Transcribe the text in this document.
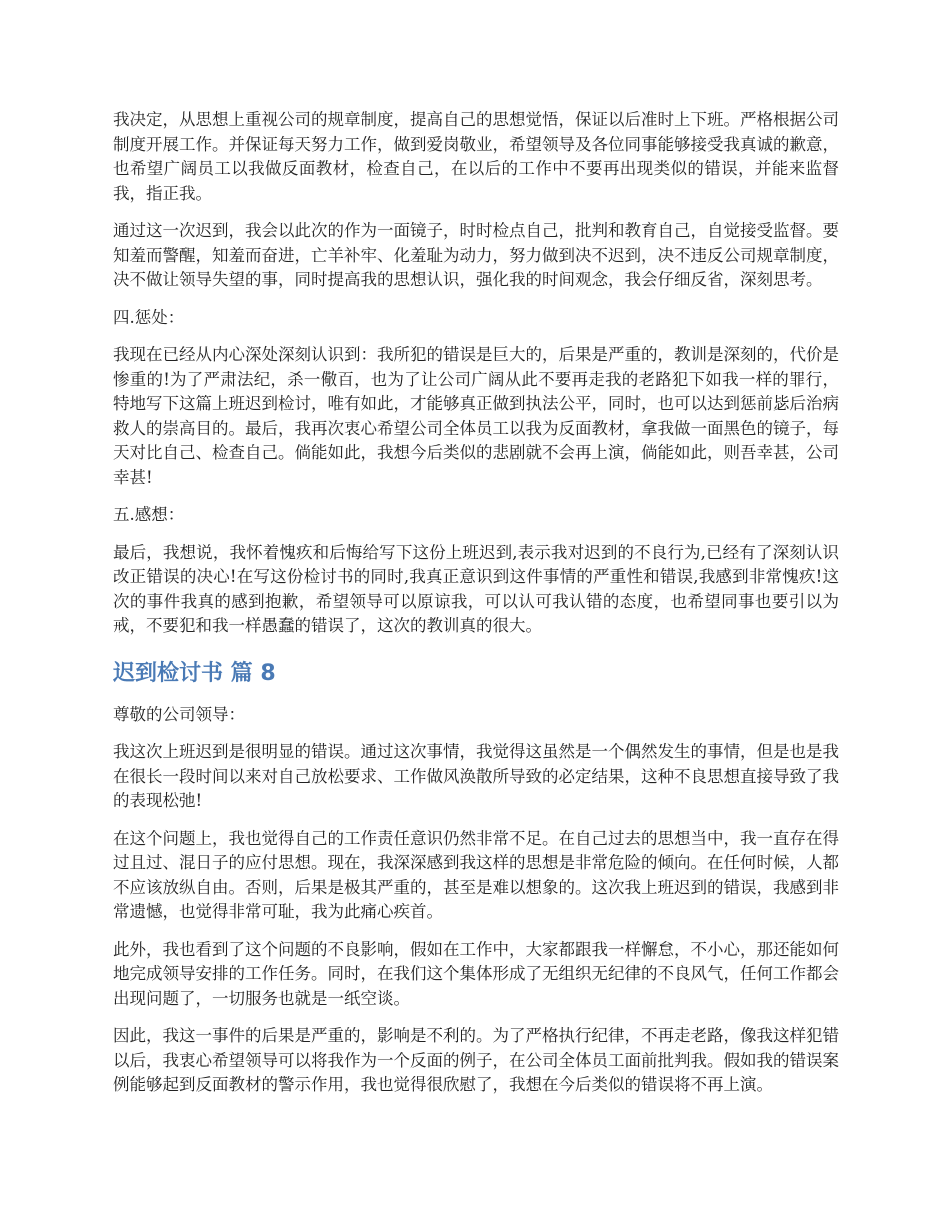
我决定，从思想上重视公司的规章制度，提高自己的思想觉悟，保证以后准时上下班。严格根据公司制度开展工作。并保证每天努力工作，做到爱岗敬业，希望领导及各位同事能够接受我真诚的歉意，也希望广阔员工以我做反面教材，检查自己，在以后的工作中不要再出现类似的错误，并能来监督我，指正我。

通过这一次迟到，我会以此次的作为一面镜子，时时检点自己，批判和教育自己，自觉接受监督。要知羞而警醒，知羞而奋进，亡羊补牢、化羞耻为动力，努力做到决不迟到，决不违反公司规章制度，决不做让领导失望的事，同时提高我的思想认识，强化我的时间观念，我会仔细反省，深刻思考。

四.惩处：

我现在已经从内心深处深刻认识到：我所犯的错误是巨大的，后果是严重的，教训是深刻的，代价是惨重的!为了严肃法纪，杀一儆百，也为了让公司广阔从此不要再走我的老路犯下如我一样的罪行，特地写下这篇上班迟到检讨，唯有如此，才能够真正做到执法公平，同时，也可以达到惩前毖后治病救人的崇高目的。最后，我再次衷心希望公司全体员工以我为反面教材，拿我做一面黑色的镜子，每天对比自己、检查自己。倘能如此，我想今后类似的悲剧就不会再上演，倘能如此，则吾幸甚，公司幸甚!

五.感想：

最后，我想说，我怀着愧疚和后悔给写下这份上班迟到,表示我对迟到的不良行为,已经有了深刻认识改正错误的决心!在写这份检讨书的同时,我真正意识到这件事情的严重性和错误,我感到非常愧疚!这次的事件我真的感到抱歉，希望领导可以原谅我，可以认可我认错的态度，也希望同事也要引以为戒，不要犯和我一样愚蠢的错误了，这次的教训真的很大。

迟到检讨书 篇 8

尊敬的公司领导：

我这次上班迟到是很明显的错误。通过这次事情，我觉得这虽然是一个偶然发生的事情，但是也是我在很长一段时间以来对自己放松要求、工作做风涣散所导致的必定结果，这种不良思想直接导致了我的表现松弛!

在这个问题上，我也觉得自己的工作责任意识仍然非常不足。在自己过去的思想当中，我一直存在得过且过、混日子的应付思想。现在，我深深感到我这样的思想是非常危险的倾向。在任何时候，人都不应该放纵自由。否则，后果是极其严重的，甚至是难以想象的。这次我上班迟到的错误，我感到非常遗憾，也觉得非常可耻，我为此痛心疾首。

此外，我也看到了这个问题的不良影响，假如在工作中，大家都跟我一样懈怠，不小心，那还能如何地完成领导安排的工作任务。同时，在我们这个集体形成了无组织无纪律的不良风气，任何工作都会出现问题了，一切服务也就是一纸空谈。

因此，我这一事件的后果是严重的，影响是不利的。为了严格执行纪律，不再走老路，像我这样犯错以后，我衷心希望领导可以将我作为一个反面的例子，在公司全体员工面前批判我。假如我的错误案例能够起到反面教材的警示作用，我也觉得很欣慰了，我想在今后类似的错误将不再上演。
